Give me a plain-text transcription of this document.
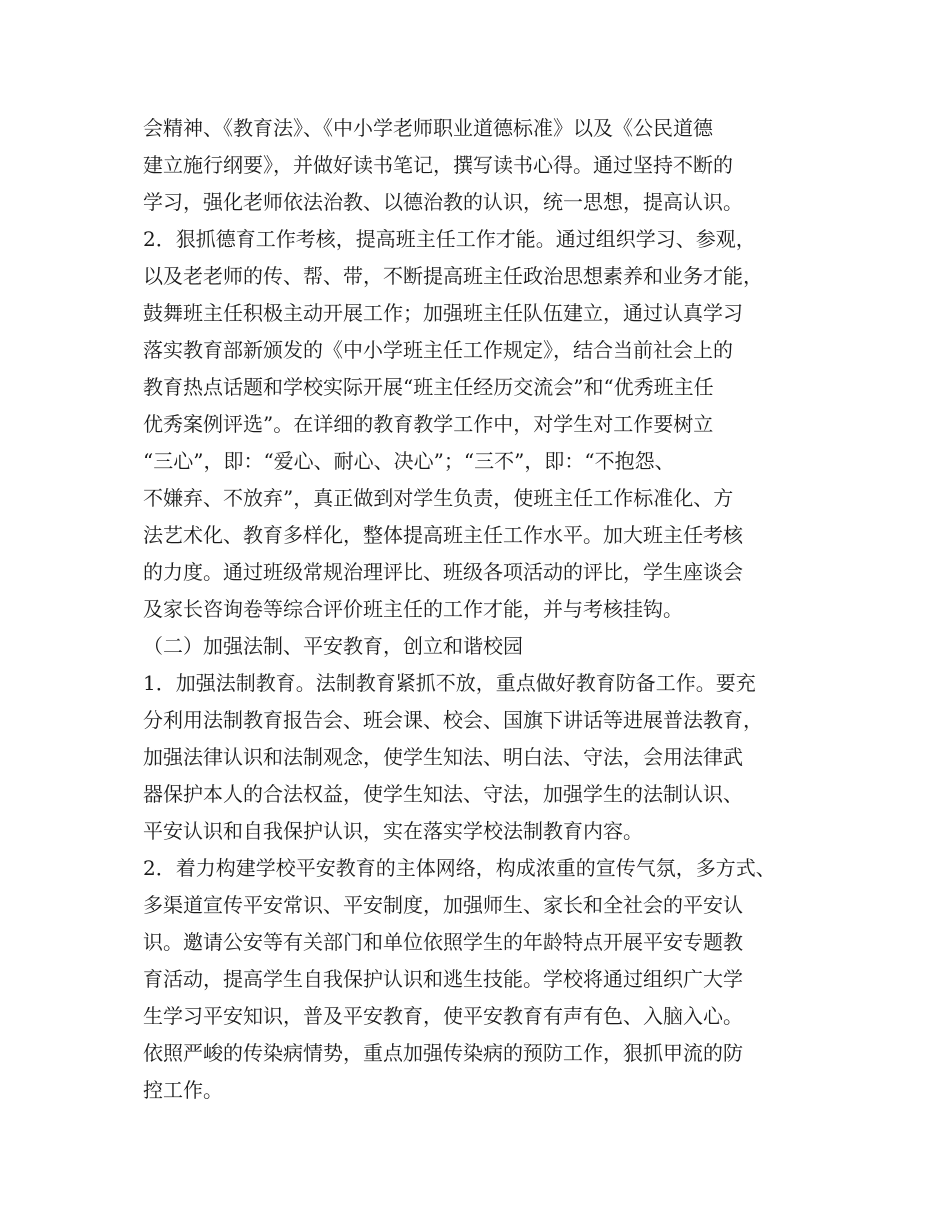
会精神、《教育法》、《中小学老师职业道德标准》以及《公民道德
建立施行纲要》，并做好读书笔记，撰写读书心得。通过坚持不断的
学习，强化老师依法治教、以德治教的认识，统一思想，提高认识。
2．狠抓德育工作考核，提高班主任工作才能。通过组织学习、参观，
以及老老师的传、帮、带，不断提高班主任政治思想素养和业务才能，
鼓舞班主任积极主动开展工作；加强班主任队伍建立，通过认真学习
落实教育部新颁发的《中小学班主任工作规定》，结合当前社会上的
教育热点话题和学校实际开展“班主任经历交流会”和“优秀班主任
优秀案例评选”。在详细的教育教学工作中，对学生对工作要树立
“三心”，即：“爱心、耐心、决心”；“三不”，即：“不抱怨、
不嫌弃、不放弃”，真正做到对学生负责，使班主任工作标准化、方
法艺术化、教育多样化，整体提高班主任工作水平。加大班主任考核
的力度。通过班级常规治理评比、班级各项活动的评比，学生座谈会
及家长咨询卷等综合评价班主任的工作才能，并与考核挂钩。
（二）加强法制、平安教育，创立和谐校园
1．加强法制教育。法制教育紧抓不放，重点做好教育防备工作。要充
分利用法制教育报告会、班会课、校会、国旗下讲话等进展普法教育，
加强法律认识和法制观念，使学生知法、明白法、守法，会用法律武
器保护本人的合法权益，使学生知法、守法，加强学生的法制认识、
平安认识和自我保护认识，实在落实学校法制教育内容。
2．着力构建学校平安教育的主体网络，构成浓重的宣传气氛，多方式、
多渠道宣传平安常识、平安制度，加强师生、家长和全社会的平安认
识。邀请公安等有关部门和单位依照学生的年龄特点开展平安专题教
育活动，提高学生自我保护认识和逃生技能。学校将通过组织广大学
生学习平安知识，普及平安教育，使平安教育有声有色、入脑入心。
依照严峻的传染病情势，重点加强传染病的预防工作，狠抓甲流的防
控工作。
